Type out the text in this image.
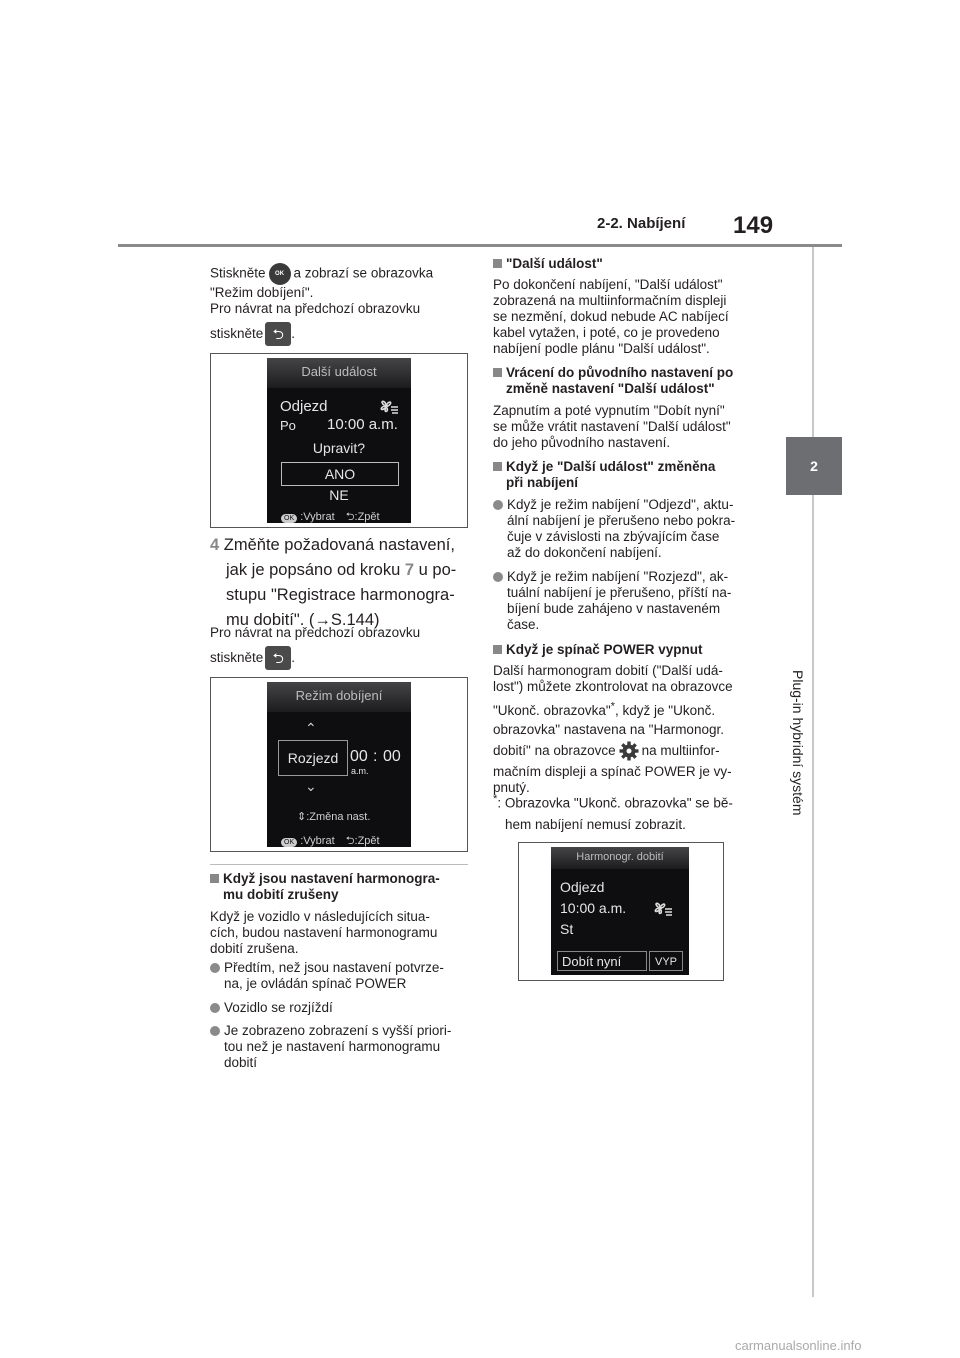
2-2. Nabíjení 149
2
Plug-in hybridní systém
Stiskněte OK a zobrazí se obrazovka
"Režim dobíjení".
Pro návrat na předchozí obrazovku
stiskněte ⮌ .
Další událost
Odjezd
Po 10:00 a.m.
Upravit?
ANO
NE
OK :Vybrat ⮌:Zpět
4 Změňte požadovaná nastavení,
jak je popsáno od kroku 7 u po-
stupu "Registrace harmonogra-
mu dobití". (→S.144)
Pro návrat na předchozí obrazovku
stiskněte ⮌ .
Režim dobíjení
⌃
Rozjezd 00 : 00
a.m.
⌄
⇕:Změna nast.
OK :Vybrat ⮌:Zpět
Když jsou nastavení harmonogra-
mu dobití zrušeny
Když je vozidlo v následujících situa-
cích, budou nastavení harmonogramu
dobití zrušena.
Předtím, než jsou nastavení potvrze-
na, je ovládán spínač POWER
Vozidlo se rozjíždí
Je zobrazeno zobrazení s vyšší priori-
tou než je nastavení harmonogramu
dobití
"Další událost"
Po dokončení nabíjení, "Další událost"
zobrazená na multiinformačním displeji
se nezmění, dokud nebude AC nabíjecí
kabel vytažen, i poté, co je provedeno
nabíjení podle plánu "Další událost".
Vrácení do původního nastavení po
změně nastavení "Další událost"
Zapnutím a poté vypnutím "Dobít nyní"
se může vrátit nastavení "Další událost"
do jeho původního nastavení.
Když je "Další událost" změněna
při nabíjení
Když je režim nabíjení "Odjezd", aktu-
ální nabíjení je přerušeno nebo pokra-
čuje v závislosti na zbývajícím čase
až do dokončení nabíjení.
Když je režim nabíjení "Rozjezd", ak-
tuální nabíjení je přerušeno, příští na-
bíjení bude zahájeno v nastaveném
čase.
Když je spínač POWER vypnut
Další harmonogram dobití ("Další udá-
lost") můžete zkontrolovat na obrazovce
"Ukonč. obrazovka"*, když je "Ukonč.
obrazovka" nastavena na "Harmonogr.
dobití" na obrazovce na multiinfor-
mačním displeji a spínač POWER je vy-
pnutý.
*: Obrazovka "Ukonč. obrazovka" se bě-
hem nabíjení nemusí zobrazit.
Harmonogr. dobití
Odjezd
10:00 a.m.
St
Dobít nyní	VYP
carmanualsonline.info
